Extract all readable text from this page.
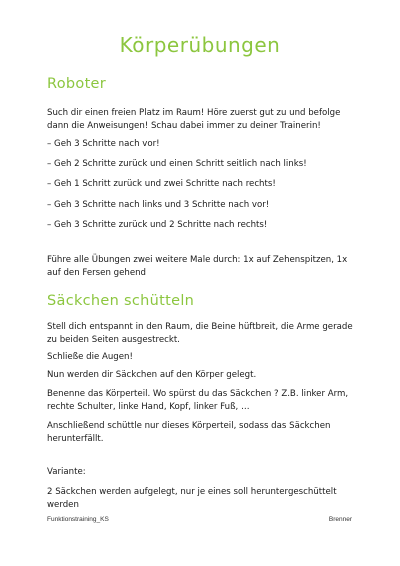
Körperübungen
Roboter

Such dir einen freien Platz im Raum! Höre zuerst gut zu und befolge dann die Anweisungen! Schau dabei immer zu deiner Trainerin!

– Geh 3 Schritte nach vor!

– Geh 2 Schritte zurück und einen Schritt seitlich nach links!

– Geh 1 Schritt zurück und zwei Schritte nach rechts!

– Geh 3 Schritte nach links und 3 Schritte nach vor!

– Geh 3 Schritte zurück und 2 Schritte nach rechts!

Führe alle Übungen zwei weitere Male durch: 1x auf Zehenspitzen, 1x auf den Fersen gehend

Säckchen schütteln

Stell dich entspannt in den Raum, die Beine hüftbreit, die Arme gerade zu beiden Seiten ausgestreckt.

Schließe die Augen!

Nun werden dir Säckchen auf den Körper gelegt.

Benenne das Körperteil. Wo spürst du das Säckchen ? Z.B. linker Arm, rechte Schulter, linke Hand, Kopf, linker Fuß, …

Anschließend schüttle nur dieses Körperteil, sodass das Säckchen herunterfällt.

Variante:

2 Säckchen werden aufgelegt, nur je eines soll heruntergeschüttelt werden

Funktionstraining_KS	Brenner
